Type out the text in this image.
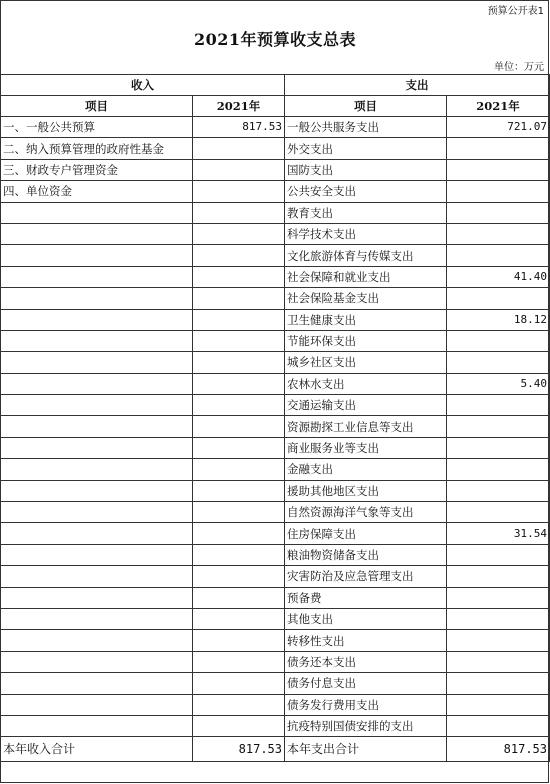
预算公开表1
2021年预算收支总表
单位：万元
收入		支出	
项目	2021年	项目	2021年
一、一般公共预算	817.53	一般公共服务支出	721.07
二、纳入预算管理的政府性基金		外交支出	
三、财政专户管理资金		国防支出	
四、单位资金		公共安全支出	
		教育支出	
		科学技术支出	
		文化旅游体育与传媒支出	
		社会保障和就业支出	41.40
		社会保险基金支出	
		卫生健康支出	18.12
		节能环保支出	
		城乡社区支出	
		农林水支出	5.40
		交通运输支出	
		资源勘探工业信息等支出	
		商业服务业等支出	
		金融支出	
		援助其他地区支出	
		自然资源海洋气象等支出	
		住房保障支出	31.54
		粮油物资储备支出	
		灾害防治及应急管理支出	
		预备费	
		其他支出	
		转移性支出	
		债务还本支出	
		债务付息支出	
		债务发行费用支出	
		抗疫特别国债安排的支出	
本年收入合计	817.53	本年支出合计	817.53
